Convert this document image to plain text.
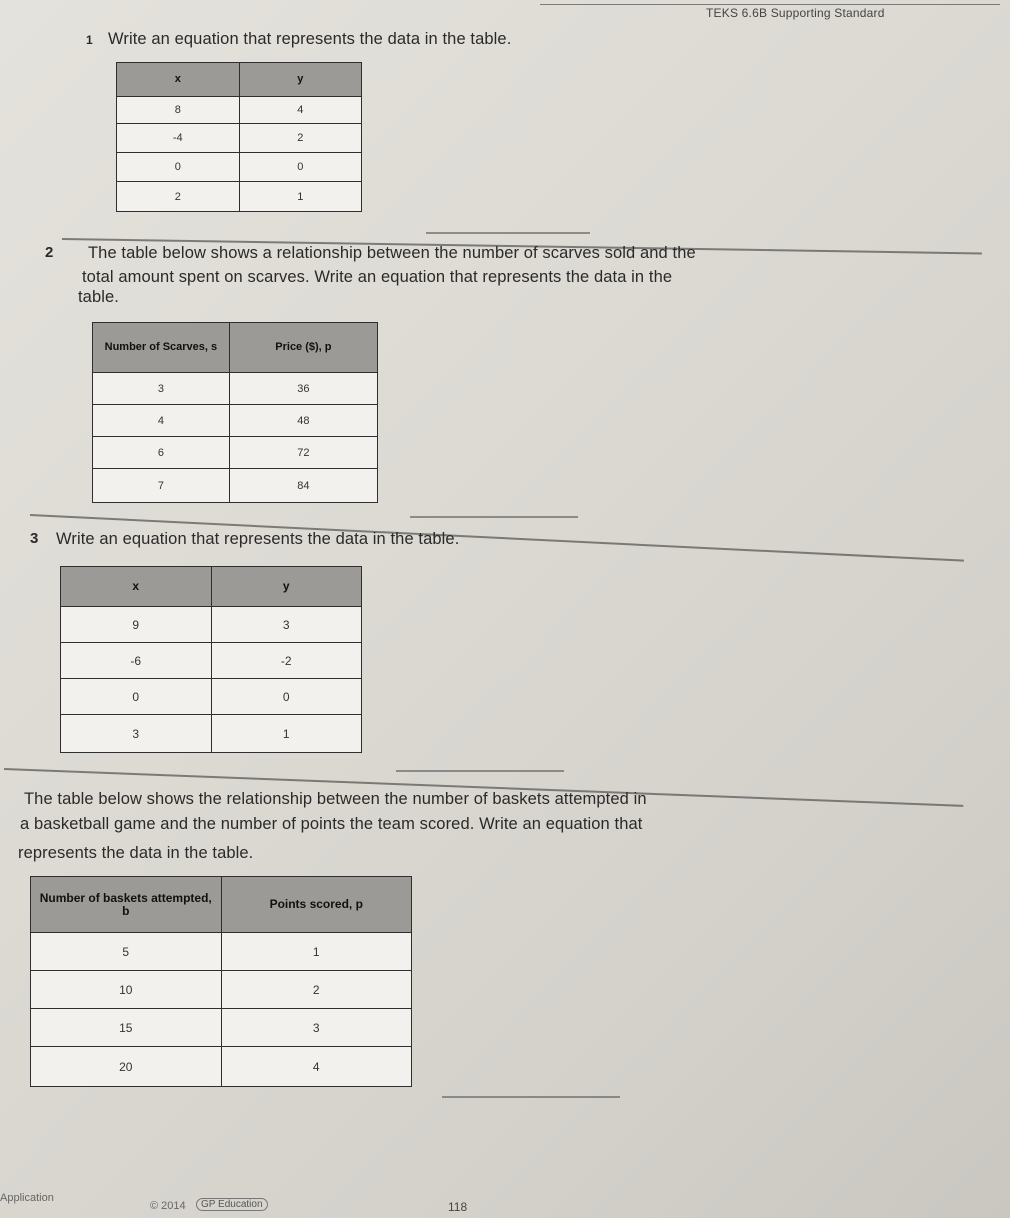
TEKS 6.6B Supporting Standard
1 Write an equation that represents the data in the table.
x	y
8	4
-4	2
0	0
2	1
2 The table below shows a relationship between the number of scarves sold and the
total amount spent on scarves. Write an equation that represents the data in the
table.
Number of Scarves, s	Price ($), p
3	36
4	48
6	72
7	84
3 Write an equation that represents the data in the table.
x	y
9	3
-6	-2
0	0
3	1
The table below shows the relationship between the number of baskets attempted in
a basketball game and the number of points the team scored. Write an equation that
represents the data in the table.
Number of baskets attempted, b	Points scored, p
5	1
10	2
15	3
20	4
Application
© 2014	GP Education	118
